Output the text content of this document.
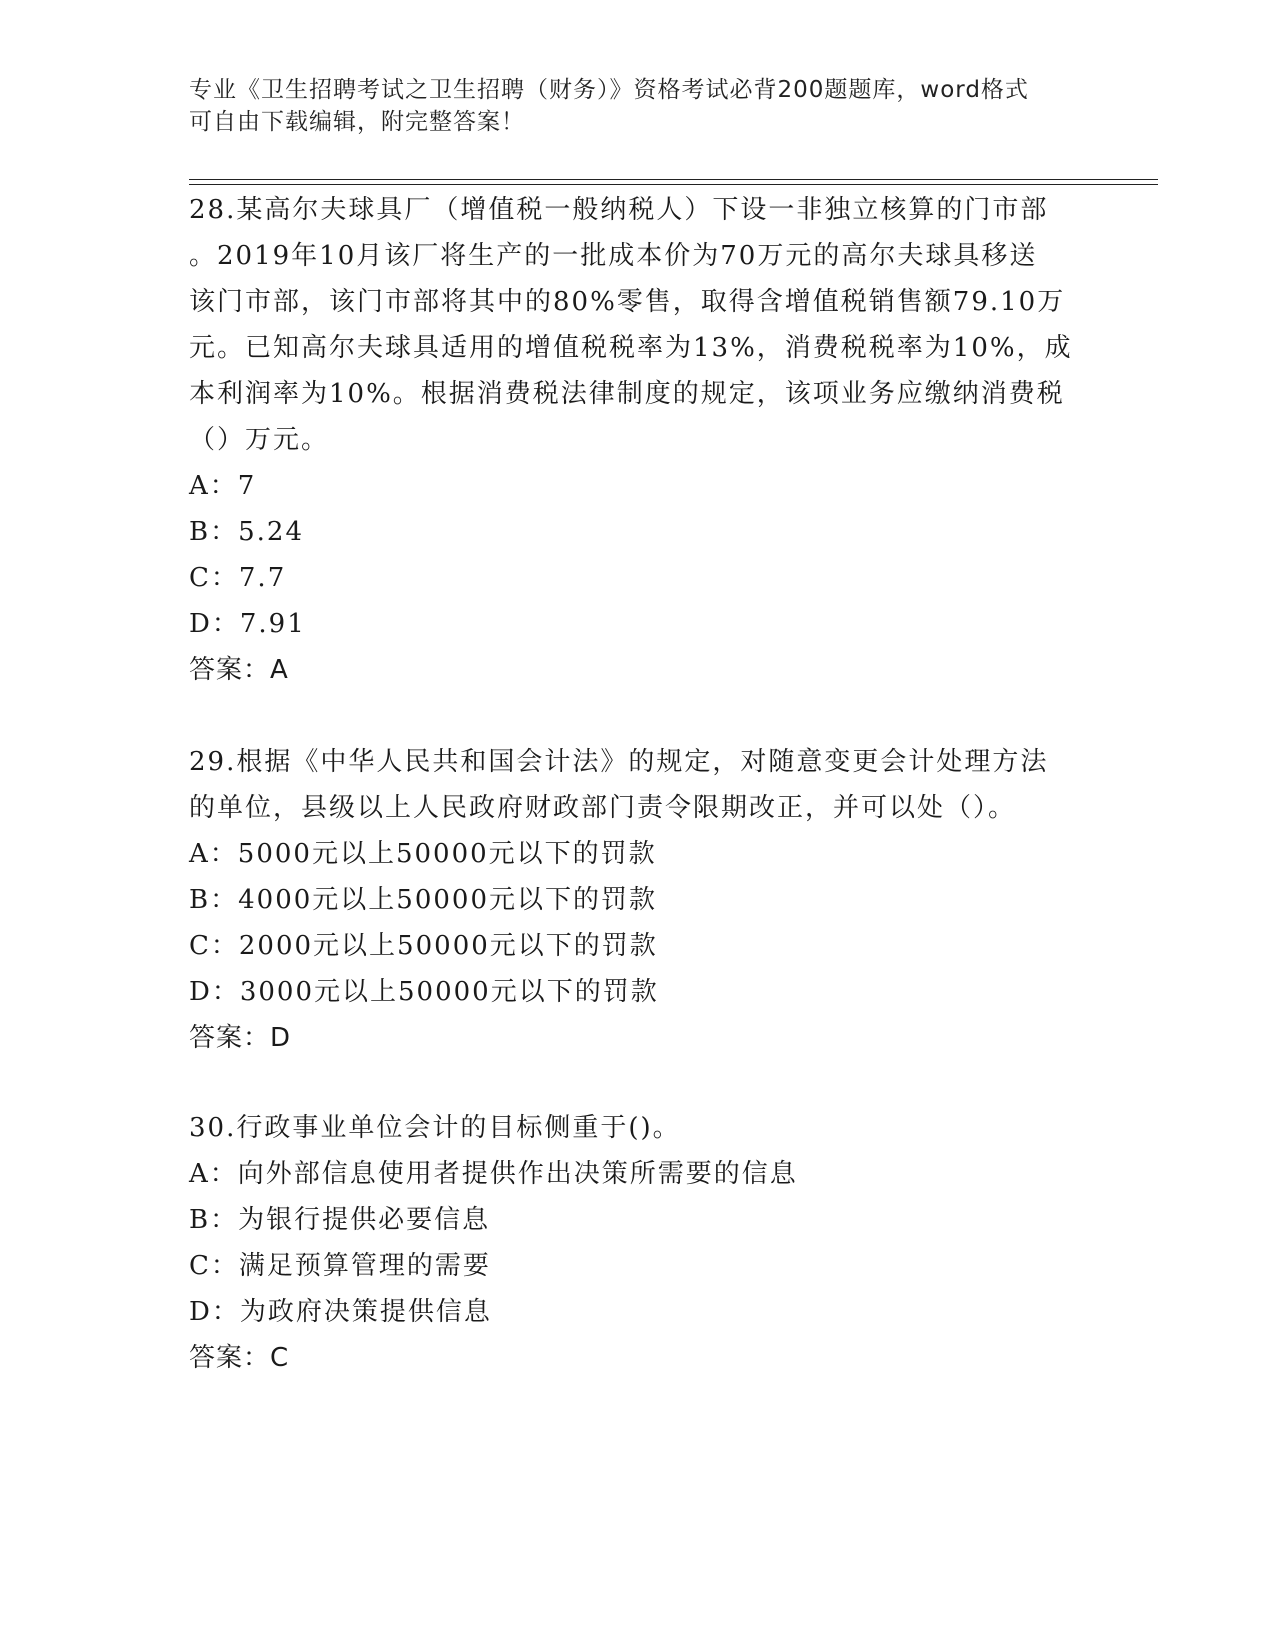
专业《卫生招聘考试之卫生招聘（财务）》资格考试必背200题题库，word格式
可自由下载编辑，附完整答案！

28.某高尔夫球具厂（增值税一般纳税人）下设一非独立核算的门市部

。2019年10月该厂将生产的一批成本价为70万元的高尔夫球具移送

该门市部，该门市部将其中的80%零售，取得含增值税销售额79.10万

元。已知高尔夫球具适用的增值税税率为13%，消费税税率为10%，成

本利润率为10%。根据消费税法律制度的规定，该项业务应缴纳消费税

（）万元。

A：7

B：5.24

C：7.7

D：7.91

答案：A

29.根据《中华人民共和国会计法》的规定，对随意变更会计处理方法

的单位，县级以上人民政府财政部门责令限期改正，并可以处（）。

A：5000元以上50000元以下的罚款

B：4000元以上50000元以下的罚款

C：2000元以上50000元以下的罚款

D：3000元以上50000元以下的罚款

答案：D

30.行政事业单位会计的目标侧重于()。

A：向外部信息使用者提供作出决策所需要的信息

B：为银行提供必要信息

C：满足预算管理的需要

D：为政府决策提供信息

答案：C
